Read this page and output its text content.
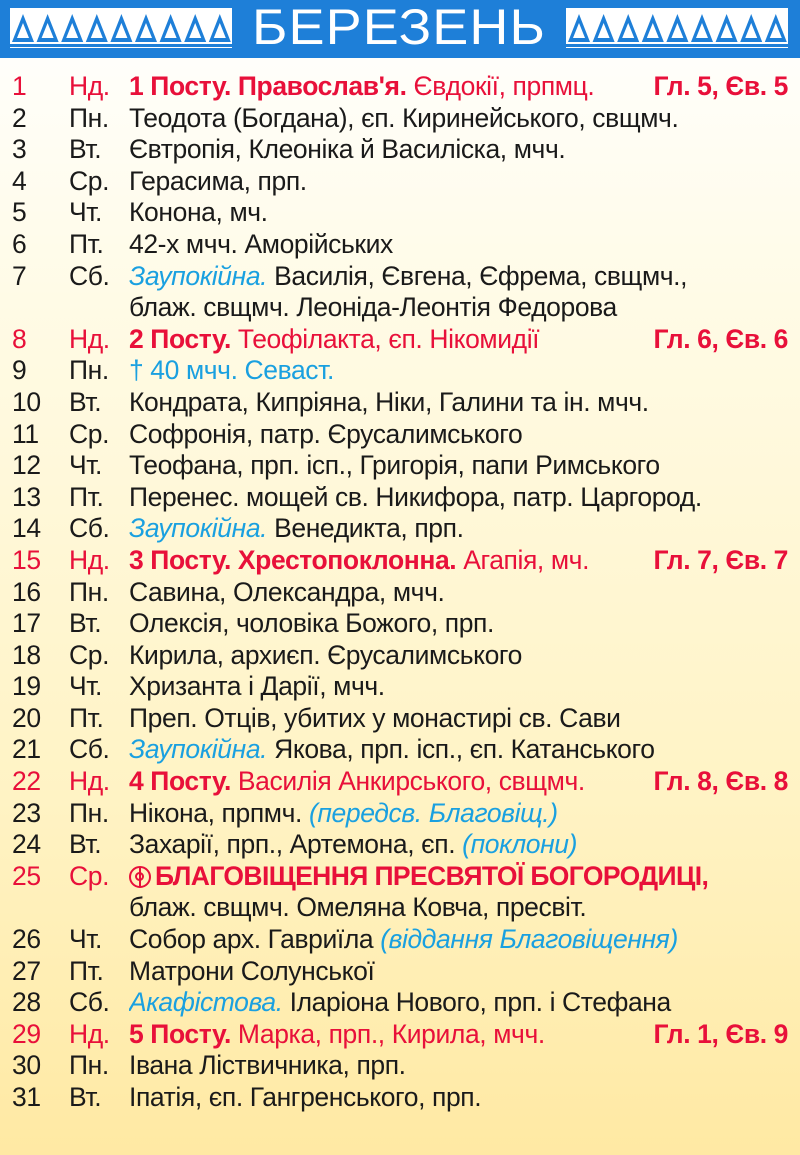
БЕРЕЗЕНЬ
1	Нд. 1 Посту. Православ'я. Євдокії, прпмц.	Гл. 5, Єв. 5
2	Пн. Теодота (Богдана), єп. Киринейського, свщмч.
3	Вт.	Євтропія, Клеоніка й Василіска, мчч.
4	Ср. Герасима, прп.
5	Чт.	Конона, мч.
6	Пт. 42-х мчч. Аморійських
7	Сб. Заупокійна. Василія, Євгена, Єфрема, свщмч.,
блаж. свщмч. Леоніда-Леонтія Федорова
8	Нд. 2 Посту. Теофілакта, єп. Нікомидії	Гл. 6, Єв. 6
9	Пн. † 40 мчч. Севаст.
10	Вт.	Кондрата, Кипріяна, Ніки, Галини та ін. мчч.
11	Ср. Софронія, патр. Єрусалимського
12	Чт.	Теофана, прп. ісп., Григорія, папи Римського
13	Пт. Перенес. мощей св. Никифора, патр. Царгород.
14	Сб. Заупокійна. Венедикта, прп.
15	Нд. 3 Посту. Хрестопоклонна. Агапія, мч.	Гл. 7, Єв. 7
16	Пн. Савина, Олександра, мчч.
17	Вт.	Олексія, чоловіка Божого, прп.
18	Ср. Кирила, архиєп. Єрусалимського
19	Чт.	Хризанта і Дарії, мчч.
20	Пт. Преп. Отців, убитих у монастирі св. Сави
21	Сб. Заупокійна. Якова, прп. ісп., єп. Катанського
22	Нд. 4 Посту. Василія Анкирського, свщмч.	Гл. 8, Єв. 8
23	Пн. Нікона, прпмч. (передсв. Благовіщ.)
24	Вт.	Захарії, прп., Артемона, єп. (поклони)
25	Ср.	БЛАГОВІЩЕННЯ ПРЕСВЯТОЇ БОГОРОДИЦІ,
блаж. свщмч. Омеляна Ковча, пресвіт.
26	Чт.	Собор арх. Гавриїла (віддання Благовіщення)
27	Пт. Матрони Солунської
28	Сб. Акафістова. Іларіона Нового, прп. і Стефана
29	Нд. 5 Посту. Марка, прп., Кирила, мчч.	Гл. 1, Єв. 9
30	Пн. Івана Ліствичника, прп.
31	Вт.	Іпатія, єп. Гангренського, прп.
